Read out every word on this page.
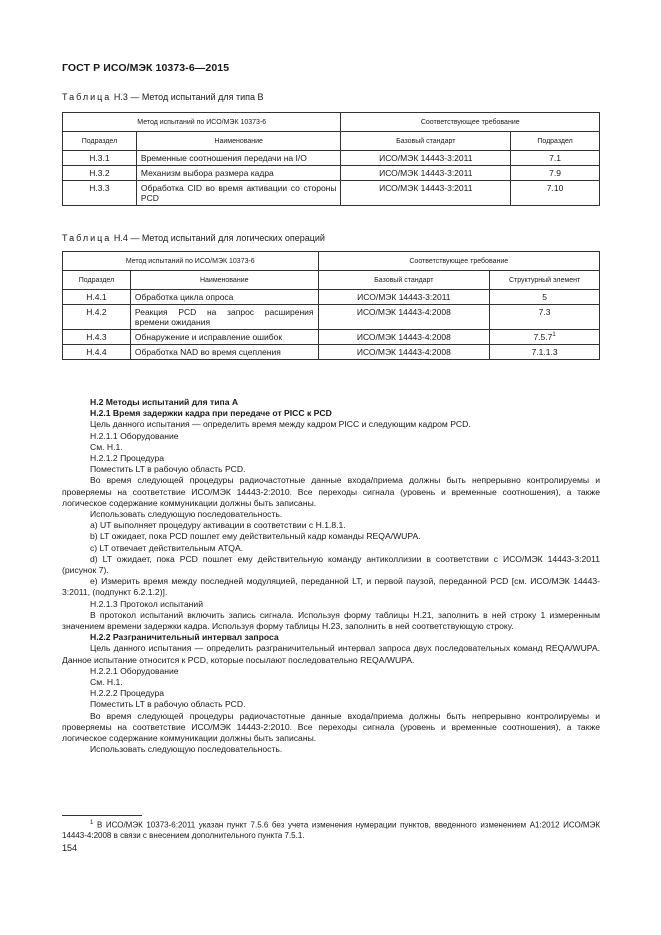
ГОСТ Р ИСО/МЭК 10373-6—2015
Таблица Н.3 — Метод испытаний для типа В
Метод испытаний по ИСО/МЭК 10373-6		Соответствующее требование	
Подраздел	Наименование	Базовый стандарт	Подраздел
Н.3.1	Временные соотношения передачи на I/O	ИСО/МЭК 14443-3:2011	7.1
Н.3.2	Механизм выбора размера кадра	ИСО/МЭК 14443-3:2011	7.9
Н.3.3	Обработка CID во время активации со стороны PCD	ИСО/МЭК 14443-3:2011	7.10
Таблица Н.4 — Метод испытаний для логических операций
Метод испытаний по ИСО/МЭК 10373-6		Соответствующее требование	
Подраздел	Наименование	Базовый стандарт	Структурный элемент
Н.4.1	Обработка цикла опроса	ИСО/МЭК 14443-3:2011	5
Н.4.2	Реакция PCD на запрос расширения времени ожидания	ИСО/МЭК 14443-4:2008	7.3
Н.4.3	Обнаружение и исправление ошибок	ИСО/МЭК 14443-4:2008	7.5.7$^1$
Н.4.4	Обработка NAD во время сцепления	ИСО/МЭК 14443-4:2008	7.1.1.3

Н.2 Методы испытаний для типа А

Н.2.1 Время задержки кадра при передаче от PICC к PCD

Цель данного испытания — определить время между кадром PICC и следующим кадром PCD.

Н.2.1.1 Оборудование

См. Н.1.

Н.2.1.2 Процедура

Поместить LT в рабочую область PCD.

Во время следующей процедуры радиочастотные данные входа/приема должны быть непрерывно контролируемы и проверяемы на соответствие ИСО/МЭК 14443-2:2010. Все переходы сигнала (уровень и временные соотношения), а также логическое содержание коммуникации должны быть записаны.

Использовать следующую последовательность.

a) UT выполняет процедуру активации в соответствии с Н.1.8.1.

b) LT ожидает, пока PCD пошлет ему действительный кадр команды REQA/WUPA.

c) LT отвечает действительным ATQA.

d) LT ожидает, пока PCD пошлет ему действительную команду антиколлизии в соответствии с ИСО/МЭК 14443-3:2011 (рисунок 7).

e) Измерить время между последней модуляцией, переданной LT, и первой паузой, переданной PCD [см. ИСО/МЭК 14443-3:2011, (подпункт 6.2.1.2)].

Н.2.1.3 Протокол испытаний

В протокол испытаний включить запись сигнала. Используя форму таблицы Н.21, заполнить в ней строку 1 измеренным значением времени задержки кадра. Используя форму таблицы Н.23, заполнить в ней соответствующую строку.

Н.2.2 Разграничительный интервал запроса

Цель данного испытания — определить разграничительный интервал запроса двух последовательных команд REQA/WUPA. Данное испытание относится к PCD, которые посылают последовательно REQA/WUPA.

Н.2.2.1 Оборудование

См. Н.1.

Н.2.2.2 Процедура

Поместить LT в рабочую область PCD.

Во время следующей процедуры радиочастотные данные входа/приема должны быть непрерывно контролируемы и проверяемы на соответствие ИСО/МЭК 14443-2:2010. Все переходы сигнала (уровень и временные соотношения), а также логическое содержание коммуникации должны быть записаны.

Использовать следующую последовательность.

$^1$ В ИСО/МЭК 10373-6:2011 указан пункт 7.5.6 без учета изменения нумерации пунктов, введенного изменением А1:2012 ИСО/МЭК 14443-4:2008 в связи с внесением дополнительного пункта 7.5.1.

154
